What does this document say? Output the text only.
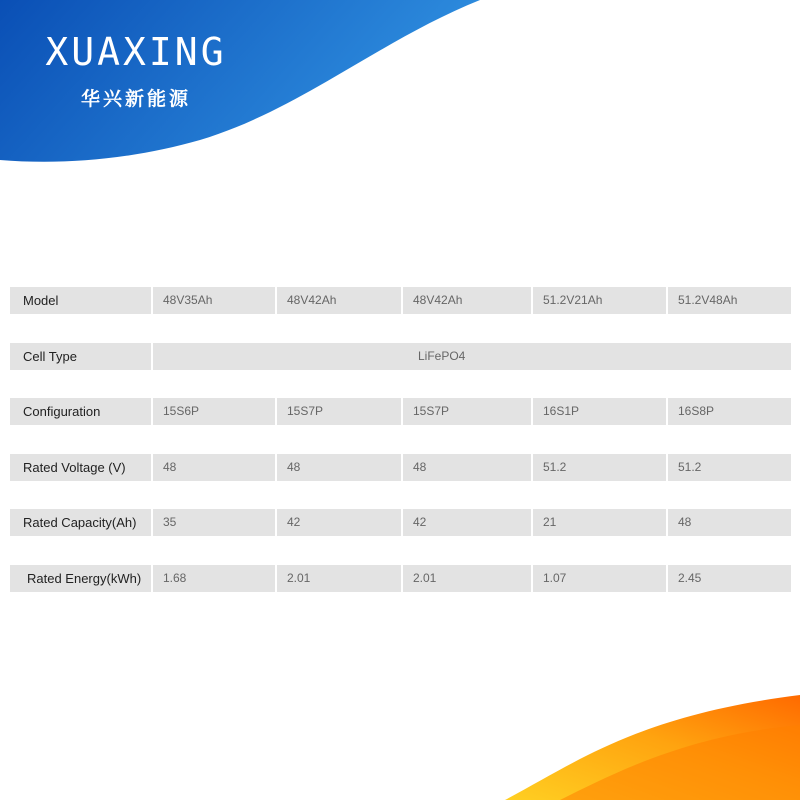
XUAXING
华兴新能源
Model	48V35Ah	48V42Ah	48V42Ah	51.2V21Ah	51.2V48Ah
Cell Type	LiFePO4
Configuration	15S6P	15S7P	15S7P	16S1P	16S8P
Rated Voltage (V)	48	48	48	51.2	51.2
Rated Capacity(Ah)	35	42	42	21	48
Rated Energy(kWh)	1.68	2.01	2.01	1.07	2.45
